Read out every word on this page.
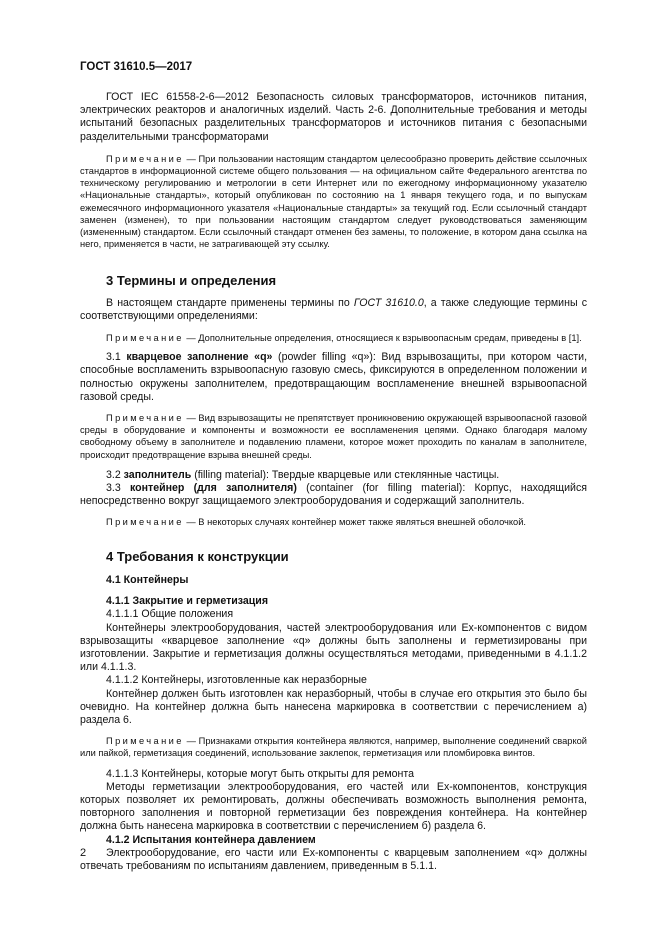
ГОСТ 31610.5—2017

ГОСТ IEC 61558-2-6—2012 Безопасность силовых трансформаторов, источников питания, электрических реакторов и аналогичных изделий. Часть 2-6. Дополнительные требования и методы испытаний безопасных разделительных трансформаторов и источников питания с безопасными разделительными трансформаторами

Примечание — При пользовании настоящим стандартом целесообразно проверить действие ссылочных стандартов в информационной системе общего пользования — на официальном сайте Федерального агентства по техническому регулированию и метрологии в сети Интернет или по ежегодному информационному указателю «Национальные стандарты», который опубликован по состоянию на 1 января текущего года, и по выпускам ежемесячного информационного указателя «Национальные стандарты» за текущий год. Если ссылочный стандарт заменен (изменен), то при пользовании настоящим стандартом следует руководствоваться заменяющим (измененным) стандартом. Если ссылочный стандарт отменен без замены, то положение, в котором дана ссылка на него, применяется в части, не затрагивающей эту ссылку.

3 Термины и определения

В настоящем стандарте применены термины по ГОСТ 31610.0, а также следующие термины с соответствующими определениями:

Примечание — Дополнительные определения, относящиеся к взрывоопасным средам, приведены в [1].

3.1 кварцевое заполнение «q» (powder filling «q»): Вид взрывозащиты, при котором части, способные воспламенить взрывоопасную газовую смесь, фиксируются в определенном положении и полностью окружены заполнителем, предотвращающим воспламенение внешней взрывоопасной газовой среды.

Примечание — Вид взрывозащиты не препятствует проникновению окружающей взрывоопасной газовой среды в оборудование и компоненты и возможности ее воспламенения цепями. Однако благодаря малому свободному объему в заполнителе и подавлению пламени, которое может проходить по каналам в заполнителе, происходит предотвращение взрыва внешней среды.

3.2 заполнитель (filling material): Твердые кварцевые или стеклянные частицы.

3.3 контейнер (для заполнителя) (container (for filling material): Корпус, находящийся непосредственно вокруг защищаемого электрооборудования и содержащий заполнитель.

Примечание — В некоторых случаях контейнер может также являться внешней оболочкой.

4 Требования к конструкции

4.1 Контейнеры

4.1.1 Закрытие и герметизация

4.1.1.1 Общие положения

Контейнеры электрооборудования, частей электрооборудования или Ex-компонентов с видом взрывозащиты «кварцевое заполнение «q» должны быть заполнены и герметизированы при изготовлении. Закрытие и герметизация должны осуществляться методами, приведенными в 4.1.1.2 или 4.1.1.3.

4.1.1.2 Контейнеры, изготовленные как неразборные

Контейнер должен быть изготовлен как неразборный, чтобы в случае его открытия это было бы очевидно. На контейнер должна быть нанесена маркировка в соответствии с перечислением а) раздела 6.

Примечание — Признаками открытия контейнера являются, например, выполнение соединений сваркой или пайкой, герметизация соединений, использование заклепок, герметизация или пломбировка винтов.

4.1.1.3 Контейнеры, которые могут быть открыты для ремонта

Методы герметизации электрооборудования, его частей или Ex-компонентов, конструкция которых позволяет их ремонтировать, должны обеспечивать возможность выполнения ремонта, повторного заполнения и повторной герметизации без повреждения контейнера. На контейнер должна быть нанесена маркировка в соответствии с перечислением б) раздела 6.

4.1.2 Испытания контейнера давлением

Электрооборудование, его части или Ex-компоненты с кварцевым заполнением «q» должны отвечать требованиям по испытаниям давлением, приведенным в 5.1.1.

2
